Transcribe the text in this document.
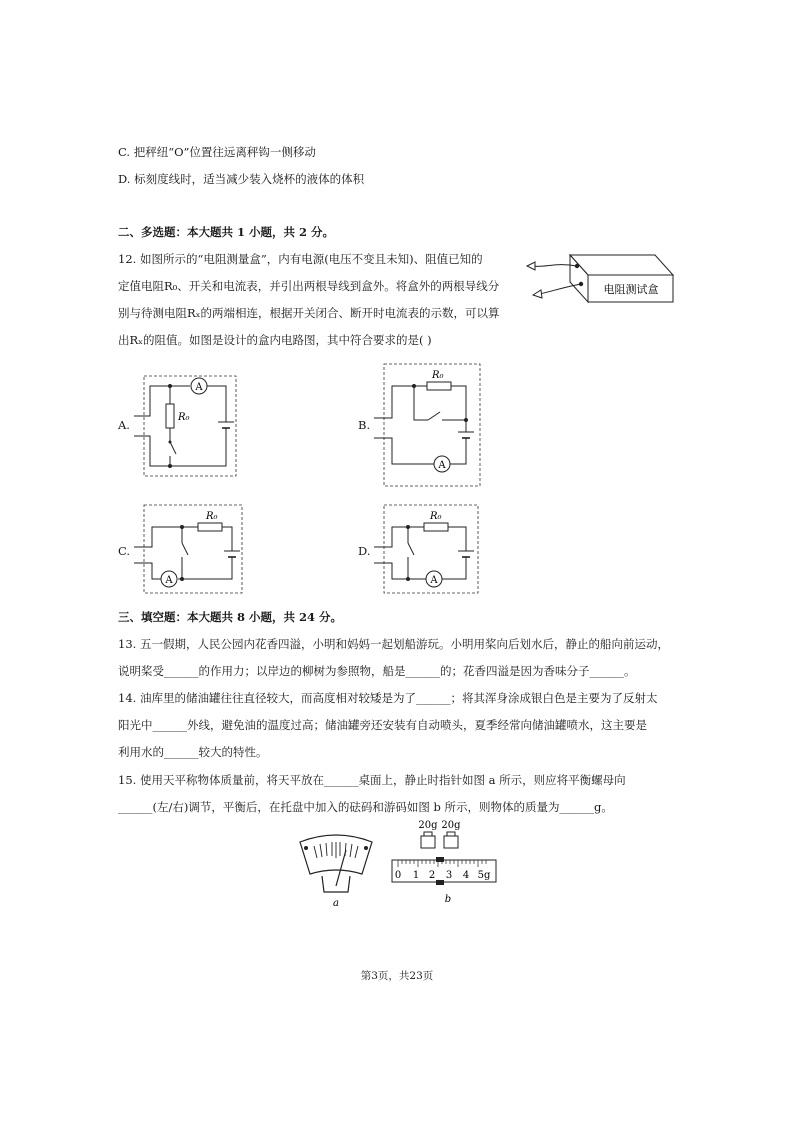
C. 把秤纽“O”位置往远离秤钩一侧移动
D. 标刻度线时，适当减少装入烧杯的液体的体积
二、多选题：本大题共 1 小题，共 2 分。
12. 如图所示的“电阻测量盒”，内有电源(电压不变且未知)、阻值已知的
定值电阻R₀、开关和电流表，并引出两根导线到盒外。将盒外的两根导线分
别与待测电阻Rₓ的两端相连，根据开关闭合、断开时电流表的示数，可以算
出Rₓ的阻值。如图是设计的盒内电路图，其中符合要求的是( )
电阻测试盒
A.
A
R₀
B.
R₀
A
C.
R₀
A
D.
R₀
A
三、填空题：本大题共 8 小题，共 24 分。
13. 五一假期，人民公园内花香四溢，小明和妈妈一起划船游玩。小明用桨向后划水后，静止的船向前运动，
说明桨受______的作用力；以岸边的柳树为参照物，船是______的；花香四溢是因为香味分子______。
14. 油库里的储油罐往往直径较大，而高度相对较矮是为了______；将其浑身涂成银白色是主要为了反射太
阳光中______外线，避免油的温度过高；储油罐旁还安装有自动喷头，夏季经常向储油罐喷水，这主要是
利用水的______较大的特性。
15. 使用天平称物体质量前，将天平放在______桌面上，静止时指针如图 a 所示，则应将平衡螺母向
______(左/右)调节，平衡后，在托盘中加入的砝码和游码如图 b 所示，则物体的质量为______g。
a
20g 20g
0 1 2 3 4 5g
b
第3页，共23页
